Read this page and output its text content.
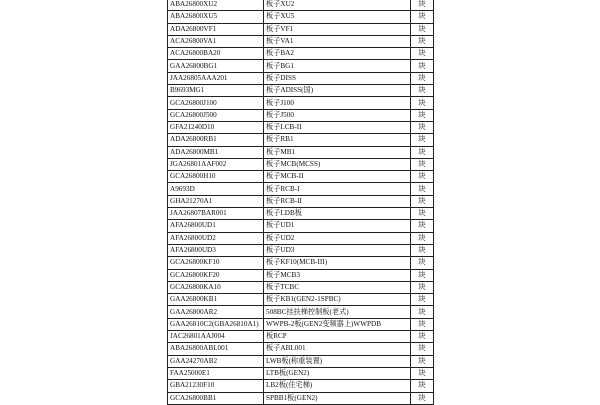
ABA26800XU2	板子XU2	块
ABA26800XU5	板子XU5	块
ADA26800VF1	板子VF1	块
ACA26800VA1	板子VA1	块
ACA26800BA20	板子BA2	块
GAA26800BG1	板子BG1	块
JAA26805AAA201	板子DISS	块
B9693MG1	板子ADISS(国)	块
GCA26800J100	板子J100	块
GCA26800J500	板子J500	块
GFA21240D10	板子LCB-II	块
ADA26800RB1	板子RB1	块
ADA26800MB1	板子MB1	块
JGA26801AAF002	板子MCB(MCSS)	块
GCA26800H10	板子MCB-II	块
A9693D	板子RCB-I	块
GHA21270A1	板子RCB-II	块
JAA26807BAR001	板子LDB板	块
AFA26800UD1	板子UD1	块
AFA26800UD2	板子UD2	块
AFA26800UD3	板子UD3	块
GCA26800KF10	板子KF10(MCB-III)	块
GCA26800KF20	板子MCB3	块
GCA26800KA10	板子TCBC	块
GAA26800KB1	板子KB1(GEN2-1SPBC)	块
GAA26800AR2	508BC挂扶梯控制板(老式)	块
GAA26810C2(GBA26810A1)	WWPB-2板(GEN2变频器上)WWPDB	块
JAC26801AAJ004	板RCP	块
ABA26800ABL001	板子ABL001	块
GAA24270AB2	LWB板(称重装置)	块
FAA25000E1	LTB板(GEN2)	块
GBA21230F10	LB2板(住宅梯)	块
GCA26800BB1	SPBB1板(GEN2)	块
